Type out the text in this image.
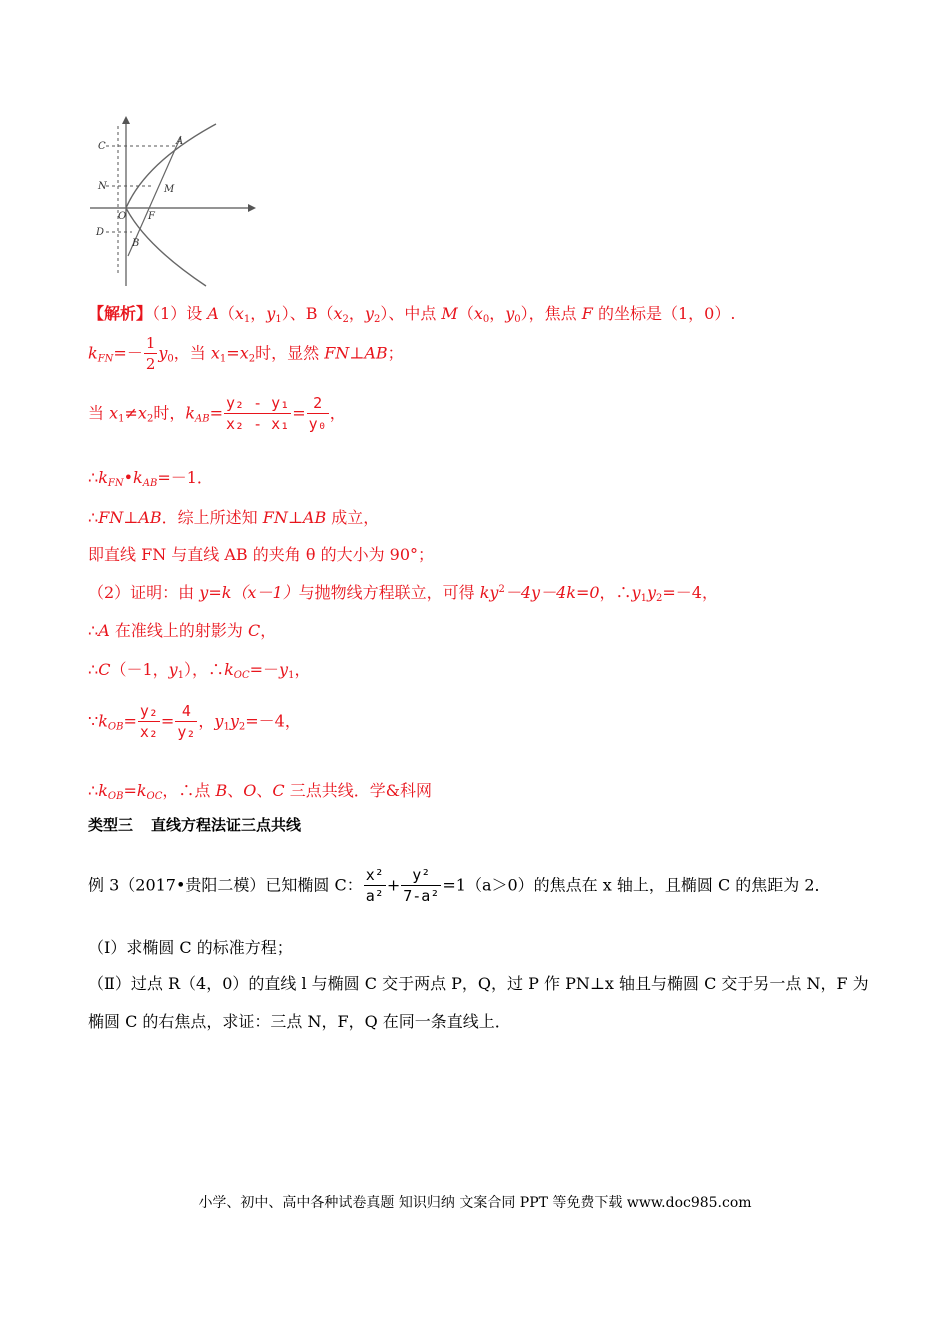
C	A
N	M
O F
D
B
【解析】（1）设 $A(x_1$，$y_1$）、$B(x_2$，$y_2$）、中点 $M(x_0$，$y_0$），焦点 F 的坐标是（1，0）.
$k_{FN}=- \frac{1}{2} y_0$，当 $x_1=x_2$时，显然 FN⊥AB；
当 $x_1\ne x_2$时，$k_{AB}= \frac{\text{y₂ - y₁}}{\text{x₂ - x₁}} = \frac{2}{\text{y₀}}$ ，
$\therefore k_{FN}•k_{AB}=-1$．
∴FN⊥AB．综上所述知 FN⊥AB 成立，
即直线 FN 与直线 AB 的夹角 θ 的大小为 90°；
（2）证明：由 y=k（x－1）与抛物线方程联立，可得 $ky^2-4y-4k=0$，$\therefore y_1y_2=-4$，
∴A 在准线上的射影为 C，
∴C（－1，$y_1$），$\therefore k_{OC}=-y_1$，
$\because k_{OB}= \frac{\text{y₂}}{\text{x₂}} = \frac{4}{\text{y₂}}$ ，$y_1y_2=-4$，
$\therefore k_{OB}=k_{OC}$，∴点 B、O、C 三点共线．学&科网
类型三 直线方程法证三点共线
例 3（2017•贵阳二模）已知椭圆 C： $\frac{\text{x²}}{\text{a²}} + \frac{\text{y²}}{\text{7-a²}} =1(a>0)$的焦点在 x 轴上，且椭圆 C 的焦距为 2．
（Ⅰ）求椭圆 C 的标准方程；
（Ⅱ）过点 R（4，0）的直线 l 与椭圆 C 交于两点 P，Q，过 P 作 PN⊥x 轴且与椭圆 C 交于另一点 N，F 为
椭圆 C 的右焦点，求证：三点 N，F，Q 在同一条直线上．
小学、初中、高中各种试卷真题 知识归纳 文案合同 PPT 等免费下载 www.doc985.com
